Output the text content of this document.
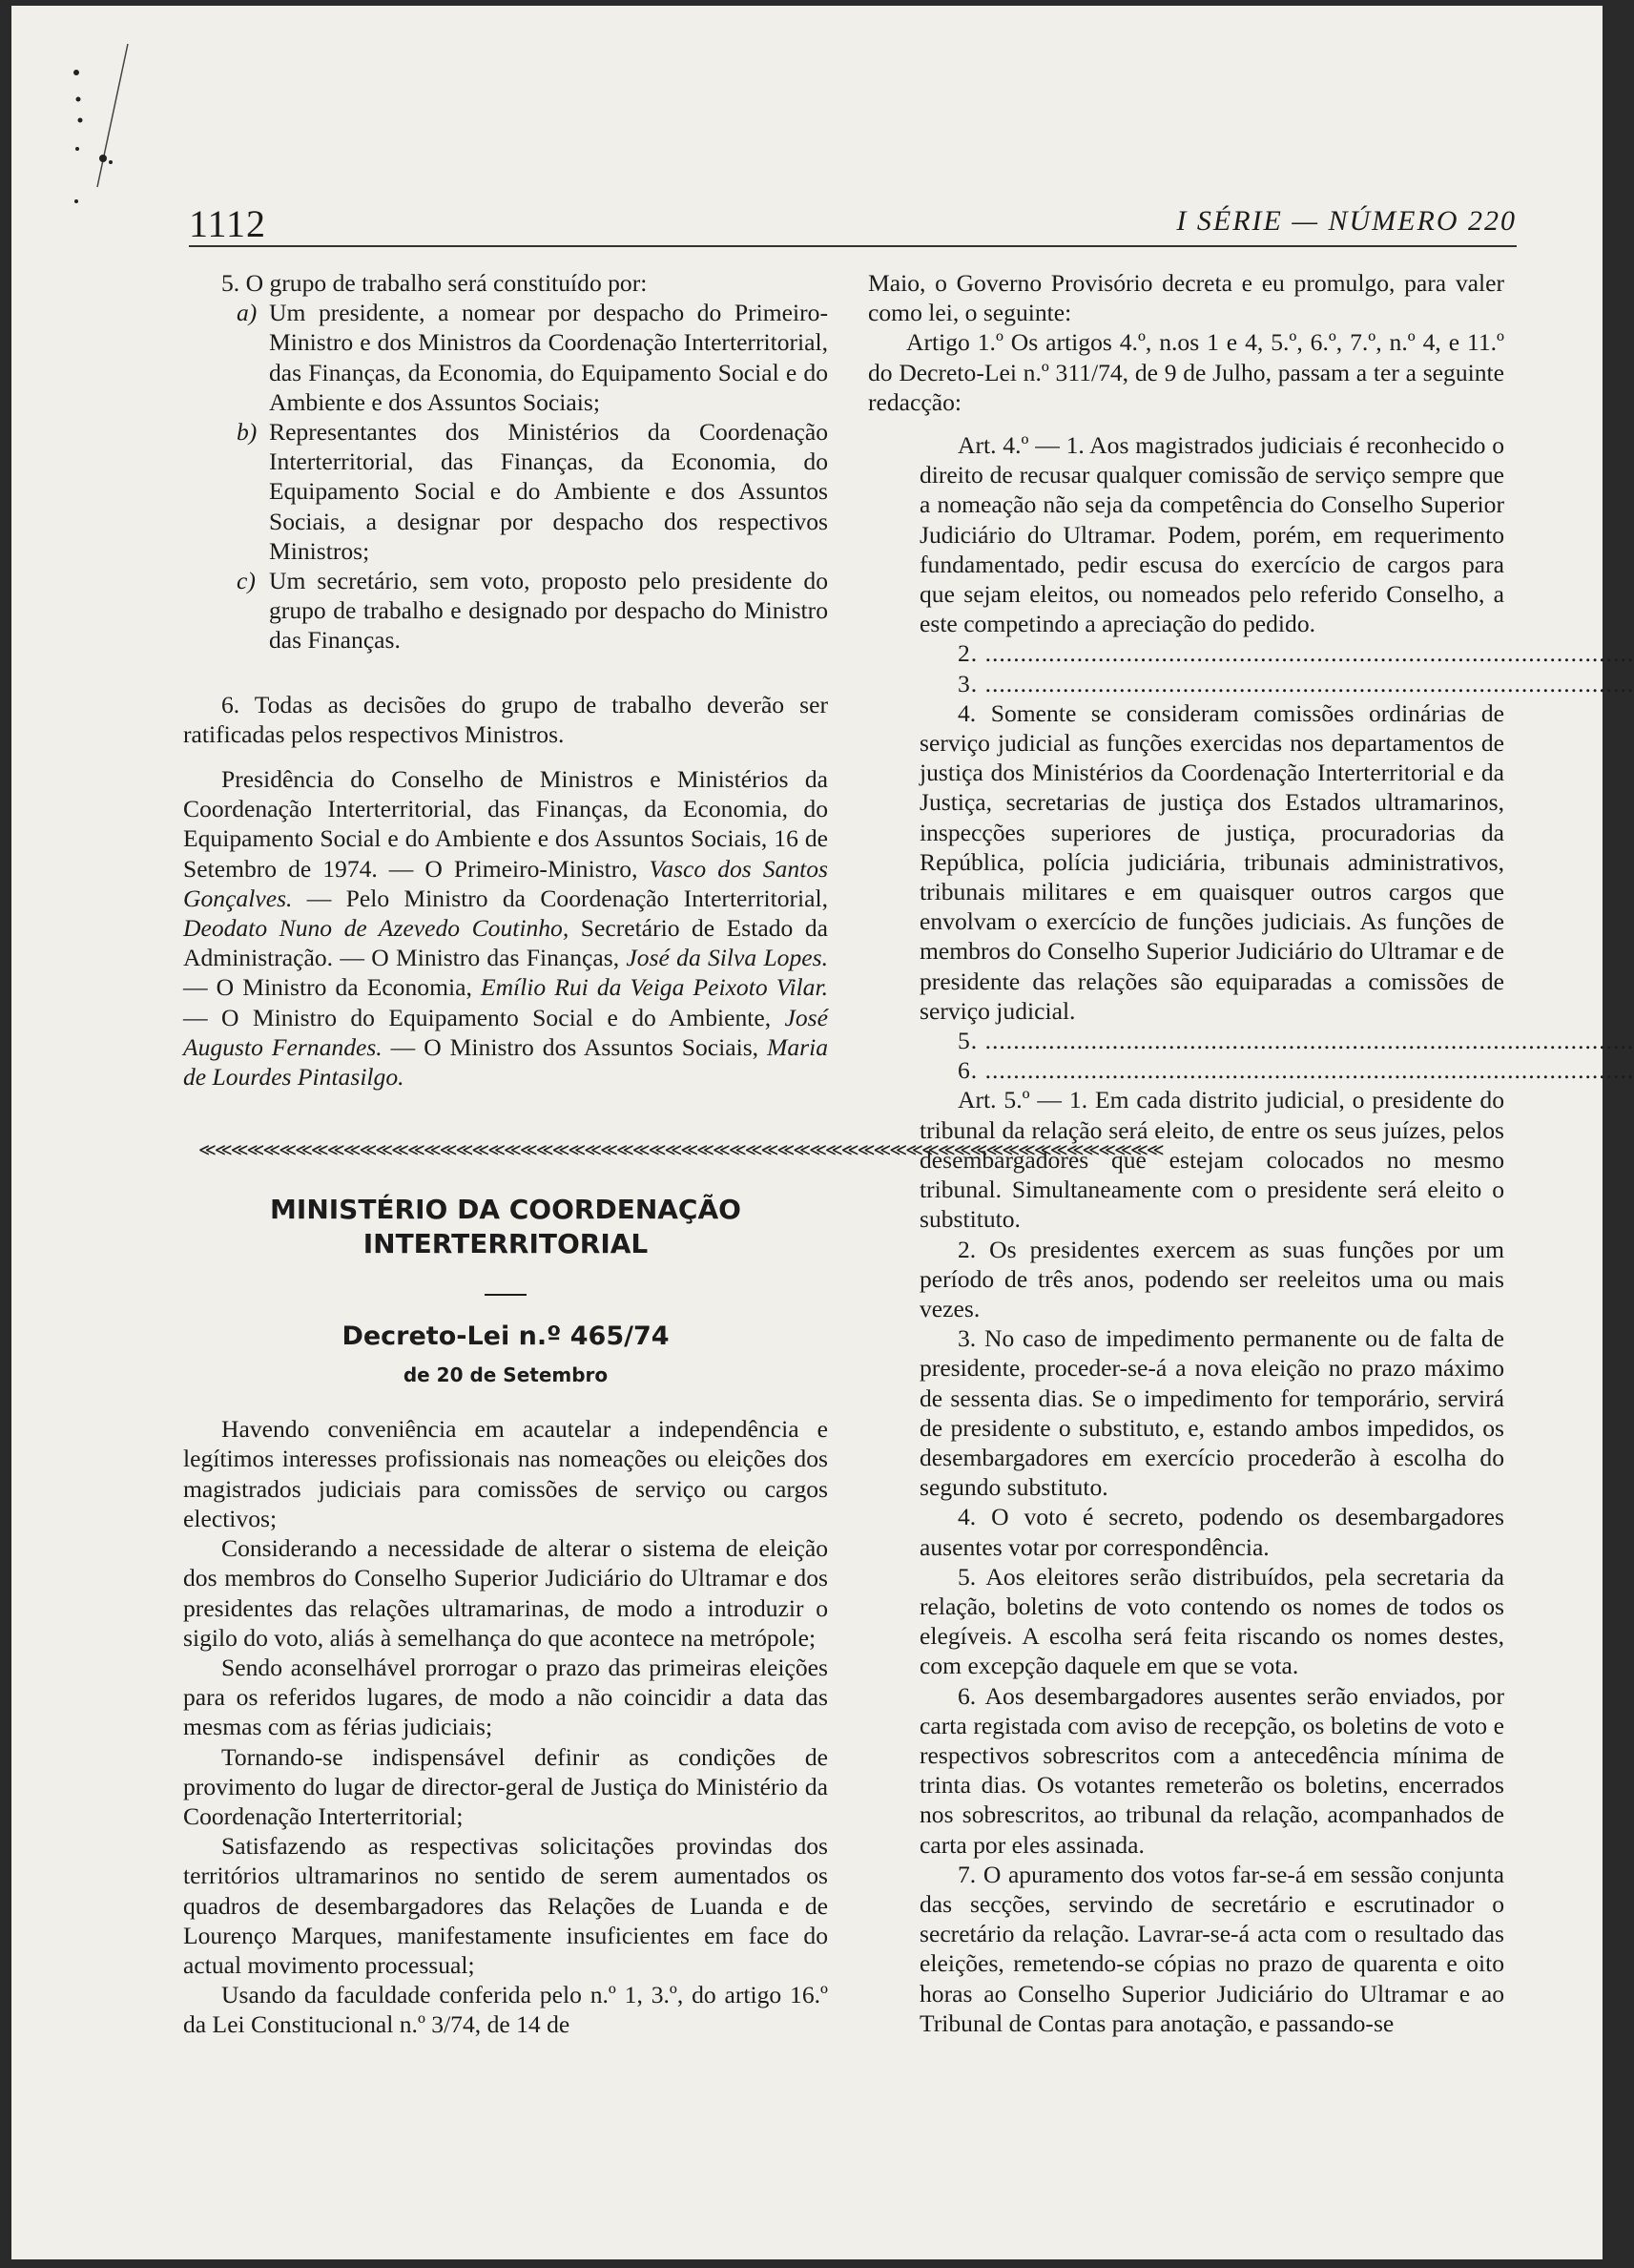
1112	I SÉRIE — NÚMERO 220

5. O grupo de trabalho será constituído por:

a) Um presidente, a nomear por despacho do Primeiro-Ministro e dos Ministros da Coordenação Interterritorial, das Finanças, da Economia, do Equipamento Social e do Ambiente e dos Assuntos Sociais;
b) Representantes dos Ministérios da Coordenação Interterritorial, das Finanças, da Economia, do Equipamento Social e do Ambiente e dos Assuntos Sociais, a designar por despacho dos respectivos Ministros;
c) Um secretário, sem voto, proposto pelo presidente do grupo de trabalho e designado por despacho do Ministro das Finanças.

6. Todas as decisões do grupo de trabalho deverão ser ratificadas pelos respectivos Ministros.

Presidência do Conselho de Ministros e Ministérios da Coordenação Interterritorial, das Finanças, da Economia, do Equipamento Social e do Ambiente e dos Assuntos Sociais, 16 de Setembro de 1974. — O Primeiro-Ministro, Vasco dos Santos Gonçalves. — Pelo Ministro da Coordenação Interterritorial, Deodato Nuno de Azevedo Coutinho, Secretário de Estado da Administração. — O Ministro das Finanças, José da Silva Lopes. — O Ministro da Economia, Emílio Rui da Veiga Peixoto Vilar. — O Ministro do Equipamento Social e do Ambiente, José Augusto Fernandes. — O Ministro dos Assuntos Sociais, Maria de Lourdes Pintasilgo.

≪≪≪≪≪≪≪≪≪≪≪≪≪≪≪≪≪≪≪≪≪≪≪≪≪≪≪≪≪≪≪≪≪≪≪≪≪≪≪≪≪≪≪≪≪≪≪≪≪≪≪≪≪≪≪≪≪≪≪≪
MINISTÉRIO DA COORDENAÇÃO
INTERTERRITORIAL
Decreto-Lei n.º 465/74
de 20 de Setembro

Havendo conveniência em acautelar a independência e legítimos interesses profissionais nas nomeações ou eleições dos magistrados judiciais para comissões de serviço ou cargos electivos;

Considerando a necessidade de alterar o sistema de eleição dos membros do Conselho Superior Judiciário do Ultramar e dos presidentes das relações ultramarinas, de modo a introduzir o sigilo do voto, aliás à semelhança do que acontece na metrópole;

Sendo aconselhável prorrogar o prazo das primeiras eleições para os referidos lugares, de modo a não coincidir a data das mesmas com as férias judiciais;

Tornando-se indispensável definir as condições de provimento do lugar de director-geral de Justiça do Ministério da Coordenação Interterritorial;

Satisfazendo as respectivas solicitações provindas dos territórios ultramarinos no sentido de serem aumentados os quadros de desembargadores das Relações de Luanda e de Lourenço Marques, manifestamente insuficientes em face do actual movimento processual;

Usando da faculdade conferida pelo n.º 1, 3.º, do artigo 16.º da Lei Constitucional n.º 3/74, de 14 de

Maio, o Governo Provisório decreta e eu promulgo, para valer como lei, o seguinte:

Artigo 1.º Os artigos 4.º, n.os 1 e 4, 5.º, 6.º, 7.º, n.º 4, e 11.º do Decreto-Lei n.º 311/74, de 9 de Julho, passam a ter a seguinte redacção:

Art. 4.º — 1. Aos magistrados judiciais é reconhecido o direito de recusar qualquer comissão de serviço sempre que a nomeação não seja da competência do Conselho Superior Judiciário do Ultramar. Podem, porém, em requerimento fundamentado, pedir escusa do exercício de cargos para que sejam eleitos, ou nomeados pelo referido Conselho, a este competindo a apreciação do pedido.

2. ............................................................................................

3. ............................................................................................

4. Somente se consideram comissões ordinárias de serviço judicial as funções exercidas nos departamentos de justiça dos Ministérios da Coordenação Interterritorial e da Justiça, secretarias de justiça dos Estados ultramarinos, inspecções superiores de justiça, procuradorias da República, polícia judiciária, tribunais administrativos, tribunais militares e em quaisquer outros cargos que envolvam o exercício de funções judiciais. As funções de membros do Conselho Superior Judiciário do Ultramar e de presidente das relações são equiparadas a comissões de serviço judicial.

5. ............................................................................................

6. ............................................................................................

Art. 5.º — 1. Em cada distrito judicial, o presidente do tribunal da relação será eleito, de entre os seus juízes, pelos desembargadores que estejam colocados no mesmo tribunal. Simultaneamente com o presidente será eleito o substituto.

2. Os presidentes exercem as suas funções por um período de três anos, podendo ser reeleitos uma ou mais vezes.

3. No caso de impedimento permanente ou de falta de presidente, proceder-se-á a nova eleição no prazo máximo de sessenta dias. Se o impedimento for temporário, servirá de presidente o substituto, e, estando ambos impedidos, os desembargadores em exercício procederão à escolha do segundo substituto.

4. O voto é secreto, podendo os desembargadores ausentes votar por correspondência.

5. Aos eleitores serão distribuídos, pela secretaria da relação, boletins de voto contendo os nomes de todos os elegíveis. A escolha será feita riscando os nomes destes, com excepção daquele em que se vota.

6. Aos desembargadores ausentes serão enviados, por carta registada com aviso de recepção, os boletins de voto e respectivos sobrescritos com a antecedência mínima de trinta dias. Os votantes remeterão os boletins, encerrados nos sobrescritos, ao tribunal da relação, acompanhados de carta por eles assinada.

7. O apuramento dos votos far-se-á em sessão conjunta das secções, servindo de secretário e escrutinador o secretário da relação. Lavrar-se-á acta com o resultado das eleições, remetendo-se cópias no prazo de quarenta e oito horas ao Conselho Superior Judiciário do Ultramar e ao Tribunal de Contas para anotação, e passando-se
